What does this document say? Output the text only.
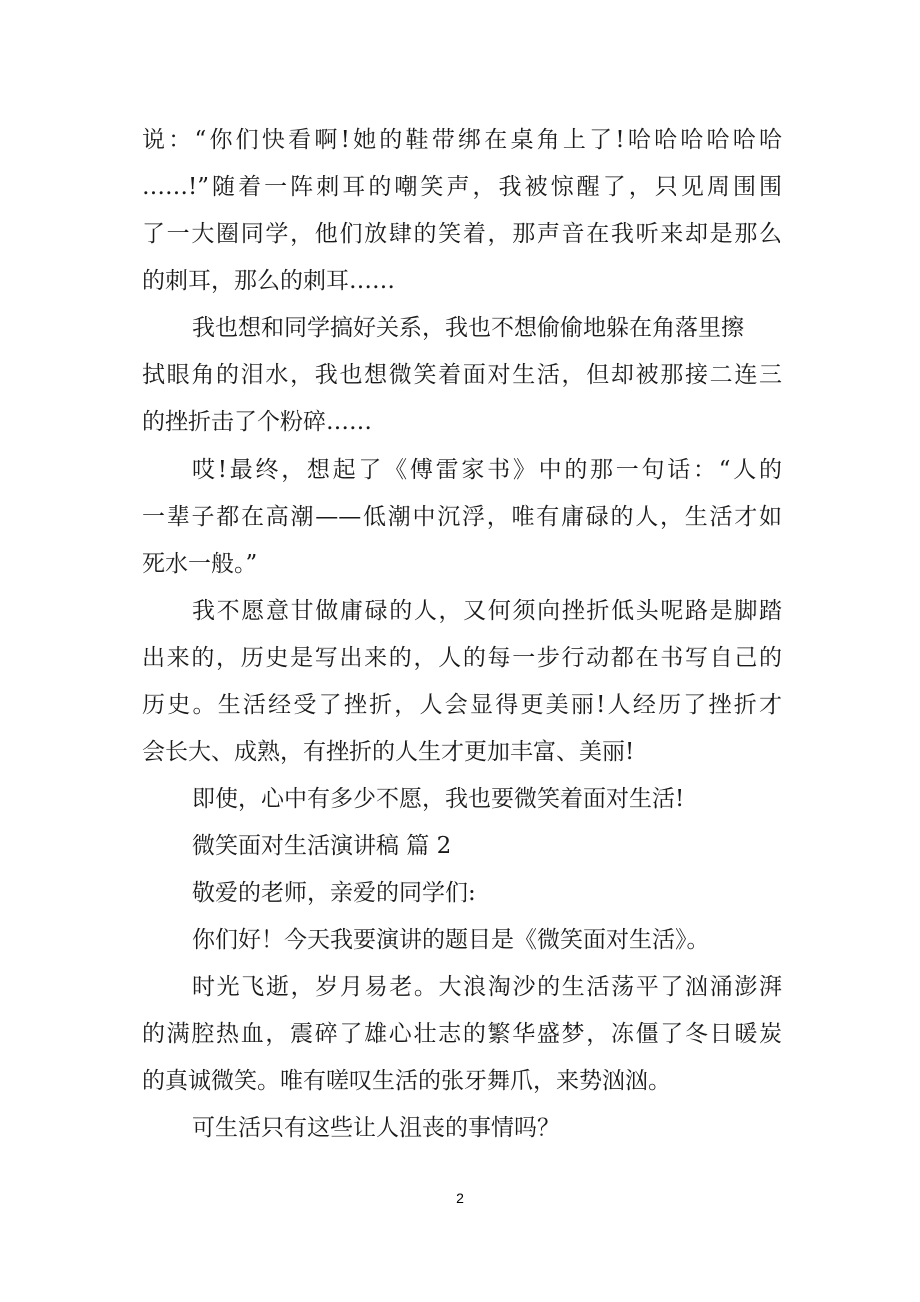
说：“你们快看啊!她的鞋带绑在桌角上了!哈哈哈哈哈哈
……!”随着一阵刺耳的嘲笑声，我被惊醒了，只见周围围
了一大圈同学，他们放肆的笑着，那声音在我听来却是那么
的刺耳，那么的刺耳……
我也想和同学搞好关系，我也不想偷偷地躲在角落里擦
拭眼角的泪水，我也想微笑着面对生活，但却被那接二连三
的挫折击了个粉碎……
哎!最终，想起了《傅雷家书》中的那一句话：“人的
一辈子都在高潮——低潮中沉浮，唯有庸碌的人，生活才如
死水一般。”
我不愿意甘做庸碌的人，又何须向挫折低头呢路是脚踏
出来的，历史是写出来的，人的每一步行动都在书写自己的
历史。生活经受了挫折，人会显得更美丽!人经历了挫折才
会长大、成熟，有挫折的人生才更加丰富、美丽!
即使，心中有多少不愿，我也要微笑着面对生活!
微笑面对生活演讲稿 篇 2
敬爱的老师，亲爱的同学们:
你们好！今天我要演讲的题目是《微笑面对生活》。
时光飞逝，岁月易老。大浪淘沙的生活荡平了汹涌澎湃
的满腔热血，震碎了雄心壮志的繁华盛梦，冻僵了冬日暖炭
的真诚微笑。唯有嗟叹生活的张牙舞爪，来势汹汹。
可生活只有这些让人沮丧的事情吗？
2
